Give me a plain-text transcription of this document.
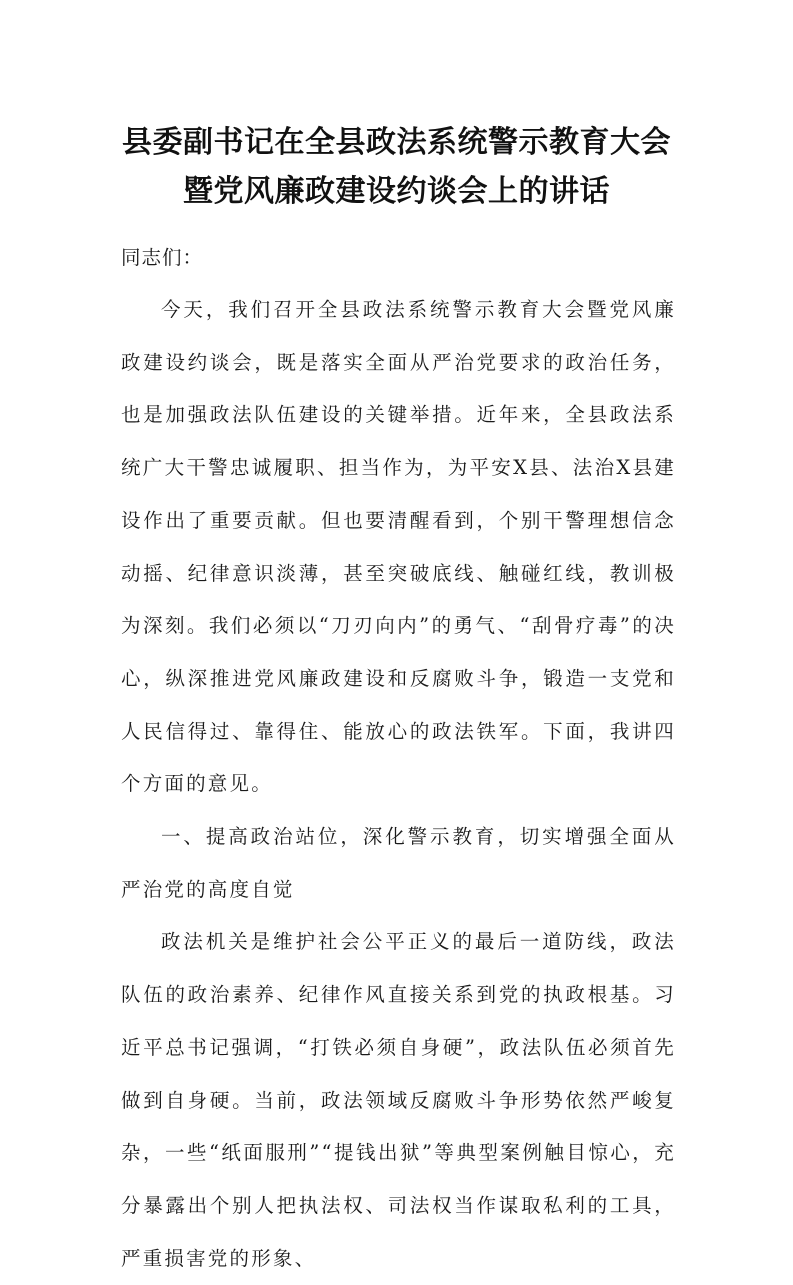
县委副书记在全县政法系统警示教育大会
暨党风廉政建设约谈会上的讲话

同志们：

今天，我们召开全县政法系统警示教育大会暨党风廉政建设约谈会，既是落实全面从严治党要求的政治任务，也是加强政法队伍建设的关键举措。近年来，全县政法系统广大干警忠诚履职、担当作为，为平安X县、法治X县建设作出了重要贡献。但也要清醒看到，个别干警理想信念动摇、纪律意识淡薄，甚至突破底线、触碰红线，教训极为深刻。我们必须以“刀刃向内”的勇气、“刮骨疗毒”的决心，纵深推进党风廉政建设和反腐败斗争，锻造一支党和人民信得过、靠得住、能放心的政法铁军。下面，我讲四个方面的意见。

一、提高政治站位，深化警示教育，切实增强全面从严治党的高度自觉

政法机关是维护社会公平正义的最后一道防线，政法队伍的政治素养、纪律作风直接关系到党的执政根基。习近平总书记强调，“打铁必须自身硬”，政法队伍必须首先做到自身硬。当前，政法领域反腐败斗争形势依然严峻复杂，一些“纸面服刑”“提钱出狱”等典型案例触目惊心，充分暴露出个别人把执法权、司法权当作谋取私利的工具，严重损害党的形象、
